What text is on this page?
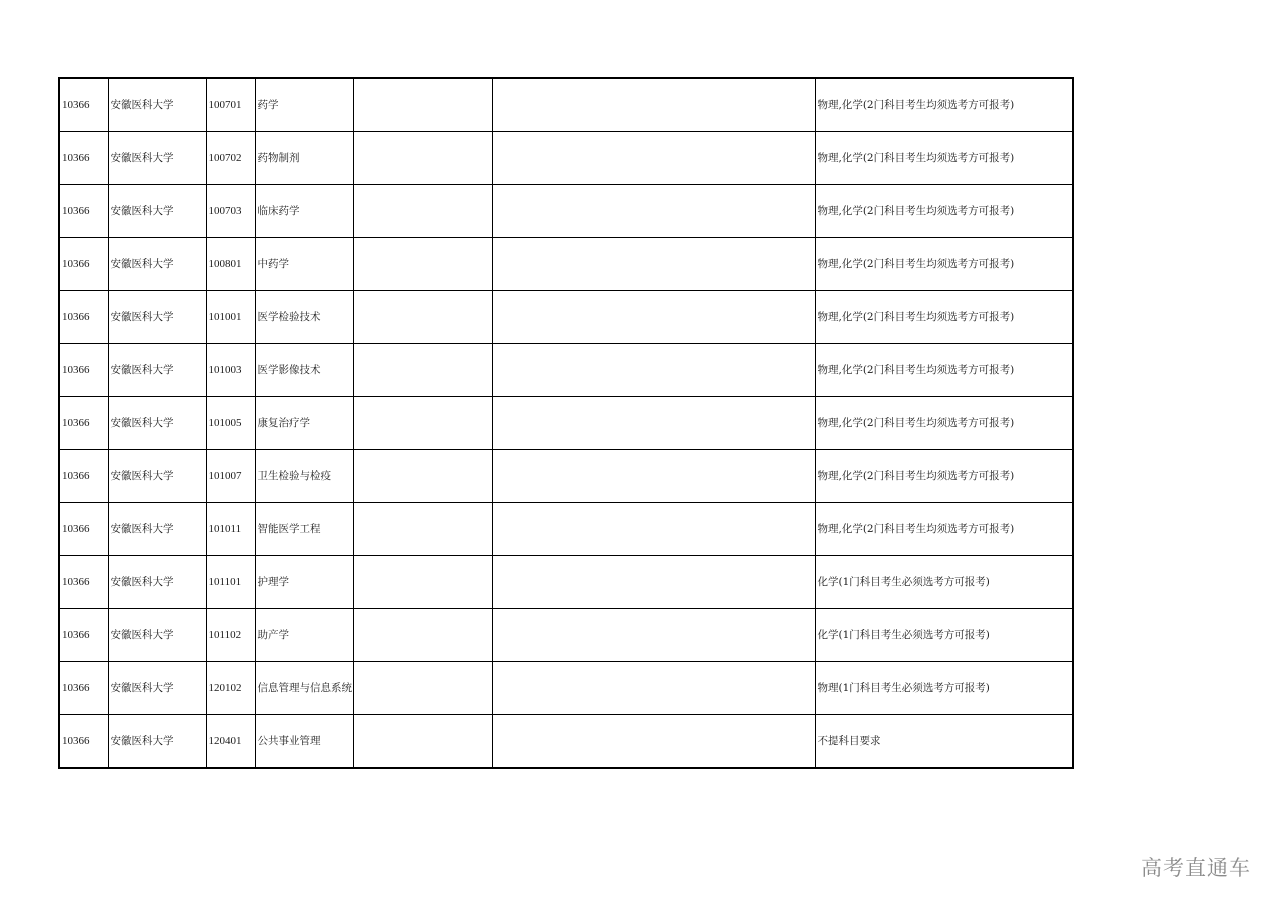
10366	安徽医科大学	100701	药学			物理,化学(2门科目考生均须选考方可报考)
10366	安徽医科大学	100702	药物制剂			物理,化学(2门科目考生均须选考方可报考)
10366	安徽医科大学	100703	临床药学			物理,化学(2门科目考生均须选考方可报考)
10366	安徽医科大学	100801	中药学			物理,化学(2门科目考生均须选考方可报考)
10366	安徽医科大学	101001	医学检验技术			物理,化学(2门科目考生均须选考方可报考)
10366	安徽医科大学	101003	医学影像技术			物理,化学(2门科目考生均须选考方可报考)
10366	安徽医科大学	101005	康复治疗学			物理,化学(2门科目考生均须选考方可报考)
10366	安徽医科大学	101007	卫生检验与检疫			物理,化学(2门科目考生均须选考方可报考)
10366	安徽医科大学	101011	智能医学工程			物理,化学(2门科目考生均须选考方可报考)
10366	安徽医科大学	101101	护理学			化学(1门科目考生必须选考方可报考)
10366	安徽医科大学	101102	助产学			化学(1门科目考生必须选考方可报考)
10366	安徽医科大学	120102	信息管理与信息系统			物理(1门科目考生必须选考方可报考)
10366	安徽医科大学	120401	公共事业管理			不提科目要求
高考直通车
